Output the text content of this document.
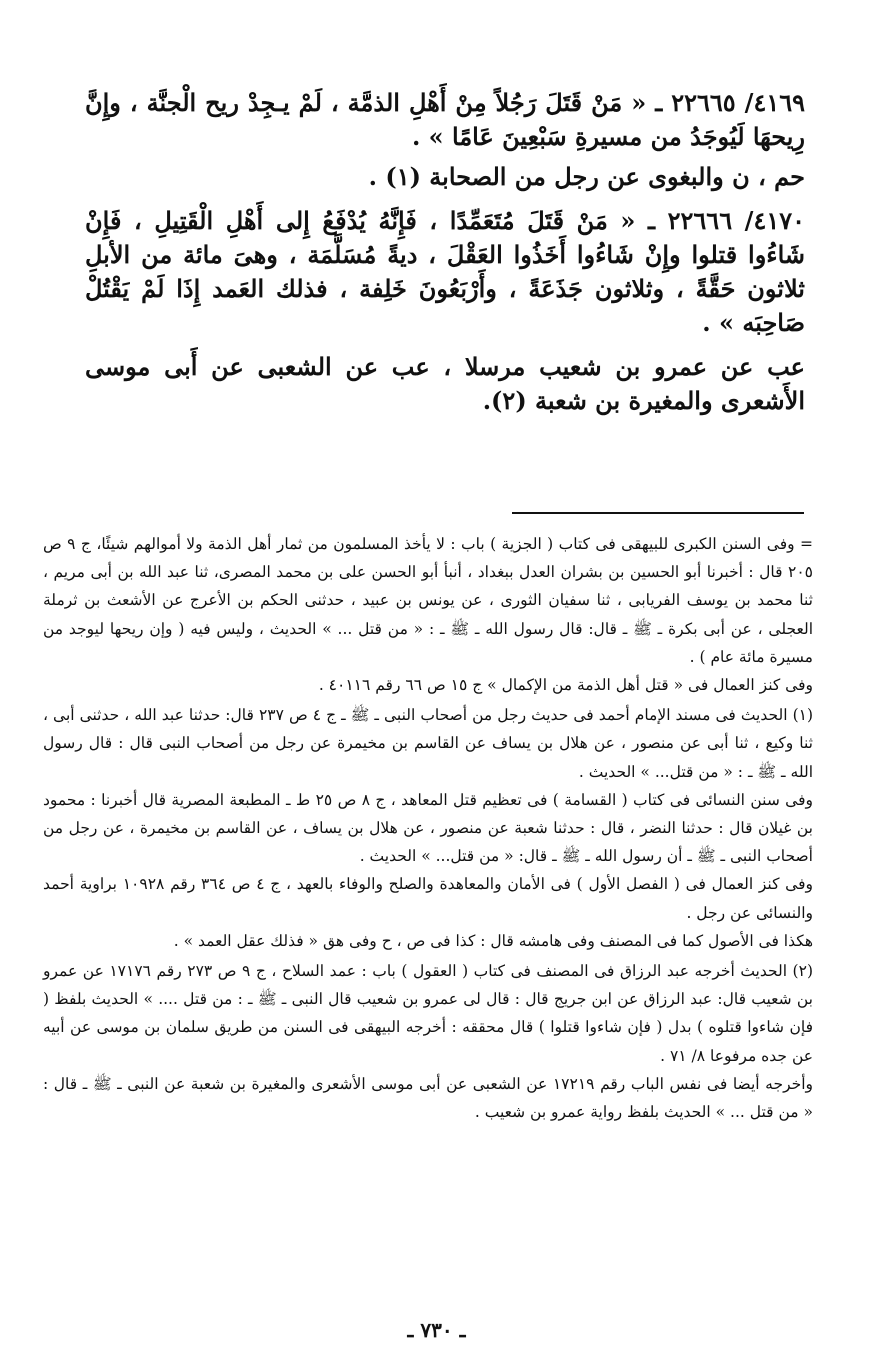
٤١٦٩/ ٢٢٦٦٥ ـ « مَنْ قَتَلَ رَجُلاً مِنْ أَهْلِ الذمَّة ، لَمْ يـجِدْ ريح الْجنَّة ، وإِنَّ رِيحهَا لَيُوجَدُ من مسيرةِ سَبْعِينَ عَامًا » .

حم ، ن والبغوى عن رجل من الصحابة (١) .

٤١٧٠/ ٢٢٦٦٦ ـ « مَنْ قَتَلَ مُتَعَمِّدًا ، فَإِنَّهُ يُدْفَعُ إِلى أَهْلِ الْقَتِيلِ ، فَإِنْ شَاءُوا قتلوا وإِنْ شَاءُوا أَخَذُوا العَقْلَ ، ديةً مُسَلَّمَة ، وهىَ مائة من الأبلِ ثلاثون حَقَّةً ، وثلاثون جَذَعَةً ، وأَرْبَعُونَ خَلِفة ، فذلك العَمد إِذَا لَمْ يَقْتُلْ صَاحِبَه » .

عب عن عمرو بن شعيب مرسلا ، عب عن الشعبى عن أَبى موسى الأَشعرى والمغيرة بن شعبة (٢).

= وفى السنن الكبرى للبيهقى فى كتاب ( الجزية ) باب : لا يأخذ المسلمون من ثمار أهل الذمة ولا أموالهم شيئًا، ج ٩ ص ٢٠٥ قال : أخبرنا أبو الحسين بن بشران العدل ببغداد ، أنبأ أبو الحسن على بن محمد المصرى، ثنا عبد الله بن أبى مريم ، ثنا محمد بن يوسف الفريابى ، ثنا سفيان الثورى ، عن يونس بن عبيد ، حدثنى الحكم بن الأعرج عن الأشعث بن ثرملة العجلى ، عن أبى بكرة ـ ﷺ ـ قال: قال رسول الله ـ ﷺ ـ : « من قتل ... » الحديث ، وليس فيه ( وإن ريحها ليوجد من مسيرة مائة عام ) .

وفى كنز العمال فى « قتل أهل الذمة من الإكمال » ج ١٥ ص ٦٦ رقم ٤٠١١٦ .

(١) الحديث فى مسند الإمام أحمد فى حديث رجل من أصحاب النبى ـ ﷺ ـ ج ٤ ص ٢٣٧ قال: حدثنا عبد الله ، حدثنى أبى ، ثنا وكيع ، ثنا أبى عن منصور ، عن هلال بن يساف عن القاسم بن مخيمرة عن رجل من أصحاب النبى قال : قال رسول الله ـ ﷺ ـ : « من قتل... » الحديث .

وفى سنن النسائى فى كتاب ( القسامة ) فى تعظيم قتل المعاهد ، ج ٨ ص ٢٥ ط ـ المطبعة المصرية قال أخبرنا : محمود بن غيلان قال : حدثنا النضر ، قال : حدثنا شعبة عن منصور ، عن هلال بن يساف ، عن القاسم بن مخيمرة ، عن رجل من أصحاب النبى ـ ﷺ ـ أن رسول الله ـ ﷺ ـ قال: « من قتل... » الحديث .

وفى كنز العمال فى ( الفصل الأول ) فى الأمان والمعاهدة والصلح والوفاء بالعهد ، ج ٤ ص ٣٦٤ رقم ١٠٩٢٨ براوية أحمد والنسائى عن رجل .

هكذا فى الأصول كما فى المصنف وفى هامشه قال : كذا فى ص ، ح وفى هق « فذلك عقل العمد » .

(٢) الحديث أخرجه عبد الرزاق فى المصنف فى كتاب ( العقول ) باب : عمد السلاح ، ج ٩ ص ٢٧٣ رقم ١٧١٧٦ عن عمرو بن شعيب قال: عبد الرزاق عن ابن جريج قال : قال لى عمرو بن شعيب قال النبى ـ ﷺ ـ : من قتل .... » الحديث بلفظ ( فإن شاءوا قتلوه ) بدل ( فإن شاءوا قتلوا ) قال محققه : أخرجه البيهقى فى السنن من طريق سلمان بن موسى عن أبيه عن جده مرفوعا ٨/ ٧١ .

وأخرجه أيضا فى نفس الباب رقم ١٧٢١٩ عن الشعبى عن أبى موسى الأشعرى والمغيرة بن شعبة عن النبى ـ ﷺ ـ قال : « من قتل ... » الحديث بلفظ رواية عمرو بن شعيب .

ـ ٧٣٠ ـ
